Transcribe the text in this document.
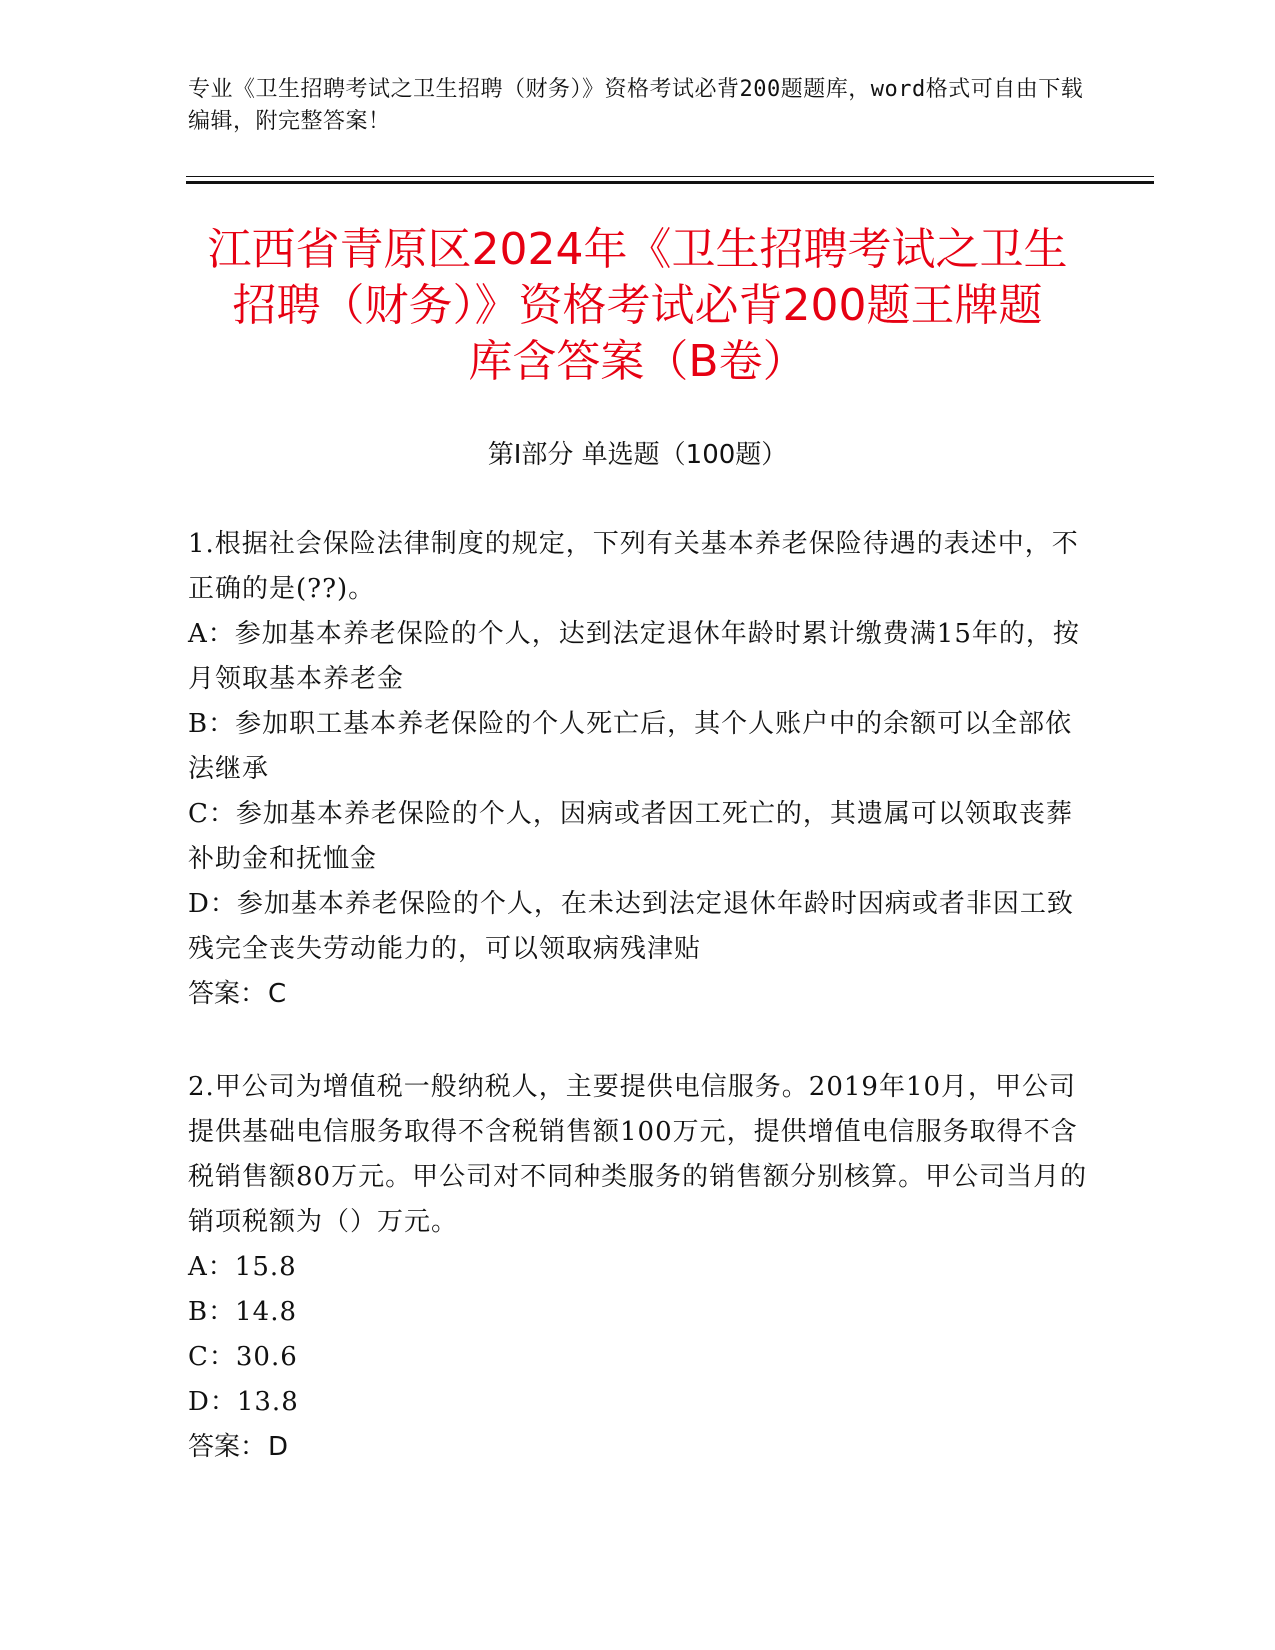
专业《卫生招聘考试之卫生招聘（财务）》资格考试必背200题题库，word格式可自由下载编辑，附完整答案！
江西省青原区2024年《卫生招聘考试之卫生
招聘（财务）》资格考试必背200题王牌题
库含答案（B卷）
第Ⅰ部分 单选题（100题）

1.根据社会保险法律制度的规定，下列有关基本养老保险待遇的表述中，不正确的是(??)。

A：参加基本养老保险的个人，达到法定退休年龄时累计缴费满15年的，按月领取基本养老金

B：参加职工基本养老保险的个人死亡后，其个人账户中的余额可以全部依法继承

C：参加基本养老保险的个人，因病或者因工死亡的，其遗属可以领取丧葬补助金和抚恤金

D：参加基本养老保险的个人，在未达到法定退休年龄时因病或者非因工致残完全丧失劳动能力的，可以领取病残津贴

答案：C

2.甲公司为增值税一般纳税人，主要提供电信服务。2019年10月，甲公司提供基础电信服务取得不含税销售额100万元，提供增值电信服务取得不含税销售额80万元。甲公司对不同种类服务的销售额分别核算。甲公司当月的销项税额为（）万元。

A：15.8

B：14.8

C：30.6

D：13.8

答案：D
